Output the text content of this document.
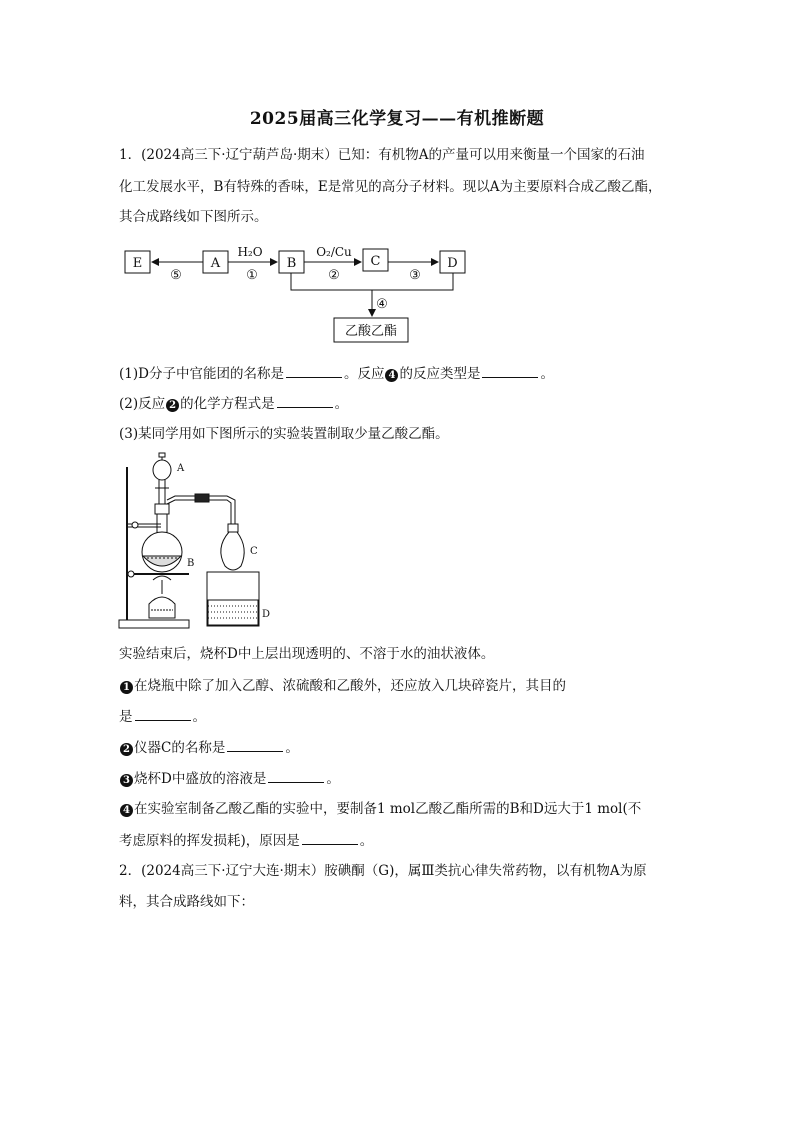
2025届高三化学复习——有机推断题
1．(2024高三下·辽宁葫芦岛·期末）已知：有机物A的产量可以用来衡量一个国家的石油
化工发展水平，B有特殊的香味，E是常见的高分子材料。现以A为主要原料合成乙酸乙酯，
其合成路线如下图所示。
E	A	B	C	D
乙酸乙酯
H₂O	O₂/Cu
⑤	①	②	③
④
(1)D分子中官能团的名称是	。反应 4 的反应类型是	。
(2)反应 2 的化学方程式是	。
(3)某同学用如下图所示的实验装置制取少量乙酸乙酯。
A
B
C
D
实验结束后，烧杯D中上层出现透明的、不溶于水的油状液体。
1 在烧瓶中除了加入乙醇、浓硫酸和乙酸外，还应放入几块碎瓷片，其目的
是	。
2 仪器C的名称是	。
3 烧杯D中盛放的溶液是	。
4 在实验室制备乙酸乙酯的实验中，要制备1 mol乙酸乙酯所需的B和D远大于1 mol(不
考虑原料的挥发损耗)，原因是	。
2．(2024高三下·辽宁大连·期末）胺碘酮（G)，属Ⅲ类抗心律失常药物，以有机物A为原
料，其合成路线如下：
